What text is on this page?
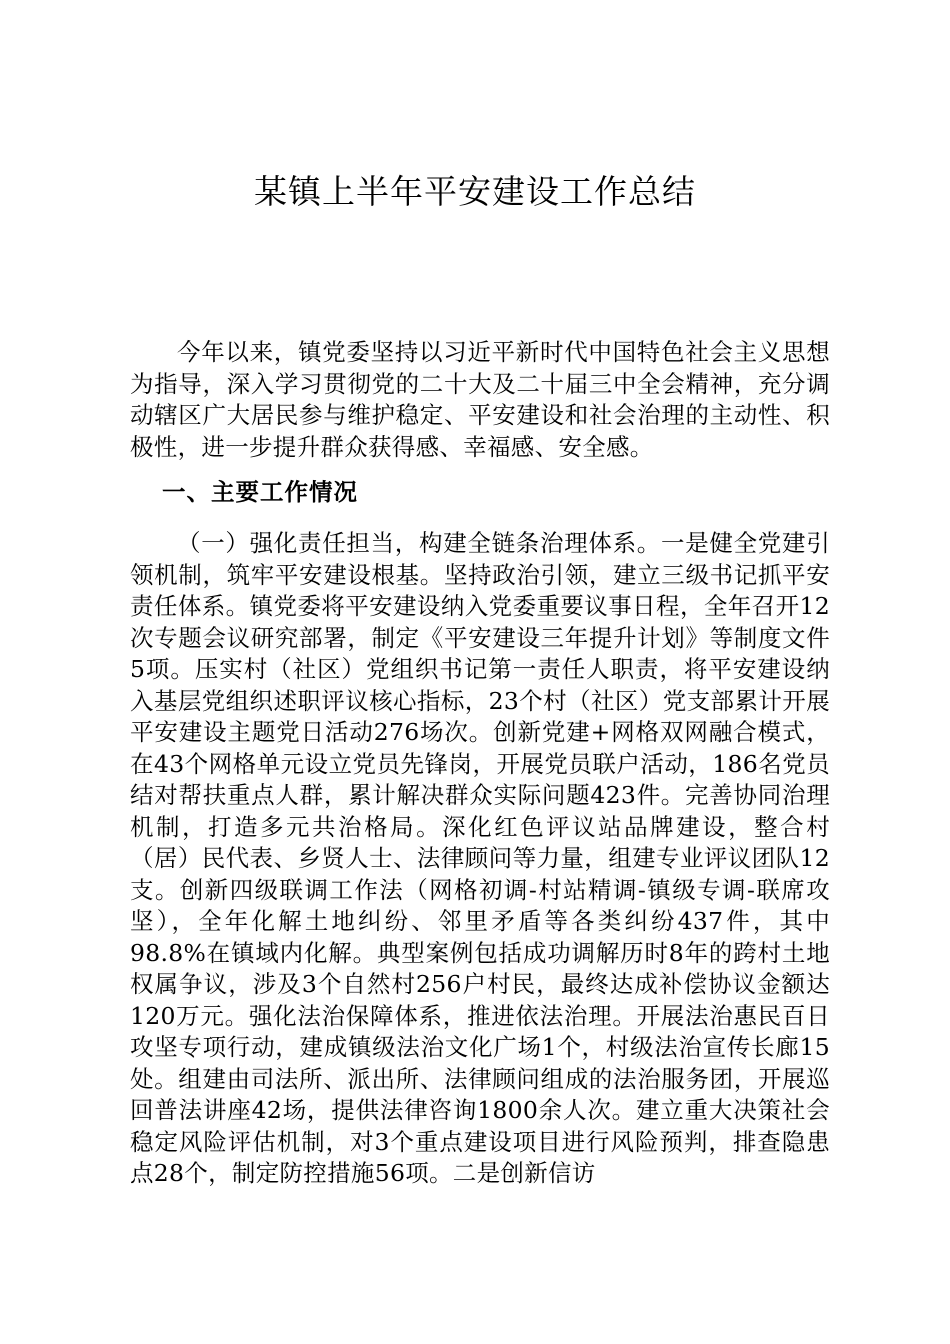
某镇上半年平安建设工作总结

今年以来，镇党委坚持以习近平新时代中国特色社会主义思想为指导，深入学习贯彻党的二十大及二十届三中全会精神，充分调动辖区广大居民参与维护稳定、平安建设和社会治理的主动性、积极性，进一步提升群众获得感、幸福感、安全感。

一、主要工作情况

（一）强化责任担当，构建全链条治理体系。一是健全党建引领机制，筑牢平安建设根基。坚持政治引领，建立三级书记抓平安责任体系。镇党委将平安建设纳入党委重要议事日程，全年召开12次专题会议研究部署，制定《平安建设三年提升计划》等制度文件5项。压实村（社区）党组织书记第一责任人职责，将平安建设纳入基层党组织述职评议核心指标，23个村（社区）党支部累计开展平安建设主题党日活动276场次。创新党建+网格双网融合模式，在43个网格单元设立党员先锋岗，开展党员联户活动，186名党员结对帮扶重点人群，累计解决群众实际问题423件。完善协同治理机制，打造多元共治格局。深化红色评议站品牌建设，整合村（居）民代表、乡贤人士、法律顾问等力量，组建专业评议团队12支。创新四级联调工作法（网格初调-村站精调-镇级专调-联席攻坚），全年化解土地纠纷、邻里矛盾等各类纠纷437件，其中98.8%在镇域内化解。典型案例包括成功调解历时8年的跨村土地权属争议，涉及3个自然村256户村民，最终达成补偿协议金额达120万元。强化法治保障体系，推进依法治理。开展法治惠民百日攻坚专项行动，建成镇级法治文化广场1个，村级法治宣传长廊15处。组建由司法所、派出所、法律顾问组成的法治服务团，开展巡回普法讲座42场，提供法律咨询1800余人次。建立重大决策社会稳定风险评估机制，对3个重点建设项目进行风险预判，排查隐患点28个，制定防控措施56项。二是创新信访
